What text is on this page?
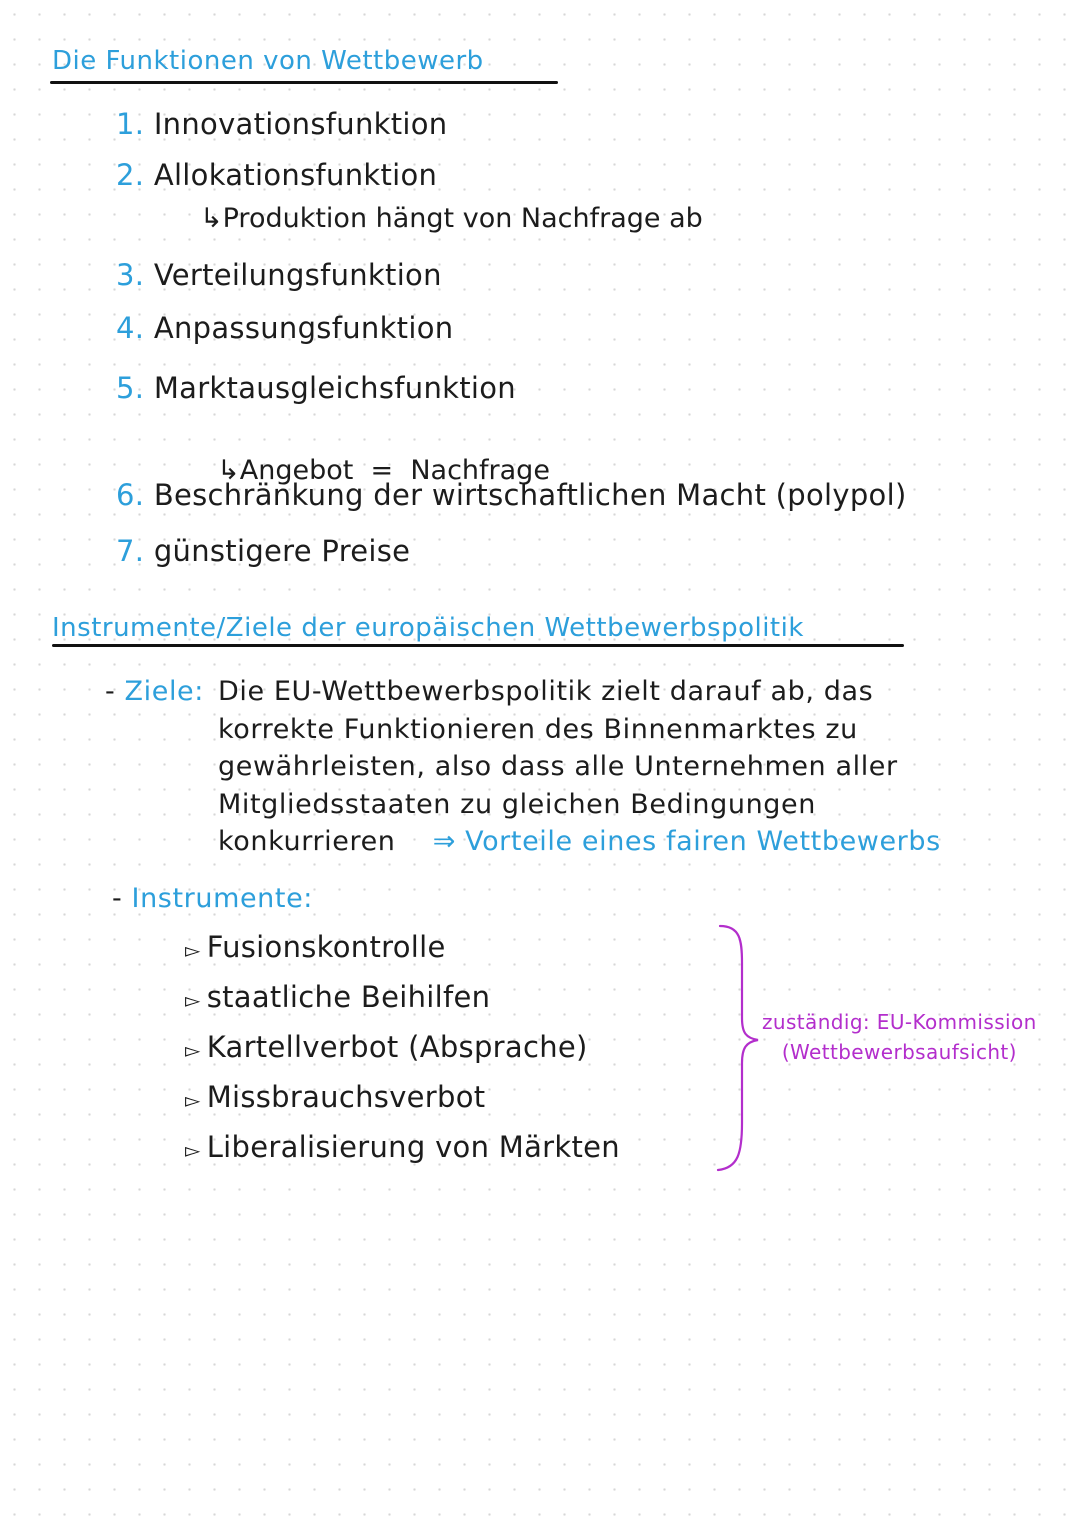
Die Funktionen von Wettbewerb
1. Innovationsfunktion
2. Allokationsfunktion
↳Produktion hängt von Nachfrage ab
3. Verteilungsfunktion
4. Anpassungsfunktion
5. Marktausgleichsfunktion

↳Angebot  =  Nachfrage

6. Beschränkung der wirtschaftlichen Macht (polypol)
7. günstigere Preise
Instrumente/Ziele der europäischen Wettbewerbspolitik
- Ziele: Die EU-Wettbewerbspolitik zielt darauf ab, das
korrekte Funktionieren des Binnenmarktes zu
gewährleisten, also dass alle Unternehmen aller
Mitgliedsstaaten zu gleichen Bedingungen
konkurrieren ⇒ Vorteile eines fairen Wettbewerbs
- Instrumente:
▻ Fusionskontrolle
▻ staatliche Beihilfen
▻ Kartellverbot (Absprache)
▻ Missbrauchsverbot
▻ Liberalisierung von Märkten
zuständig: EU-Kommission
(Wettbewerbsaufsicht)
